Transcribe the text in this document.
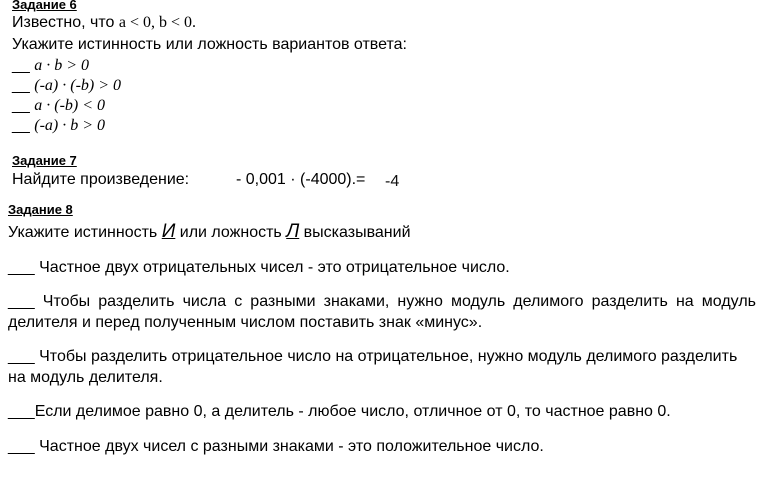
Задание 6
Известно, что a < 0, b < 0.
Укажите истинность или ложность вариантов ответа:
__ a · b > 0
__ (-a) · (-b) > 0
__ a · (-b) < 0
__ (-a) · b > 0
Задание 7
Найдите произведение:	- 0,001 · (-4000).= -4
Задание 8
Укажите истинность И или ложность Л высказываний
___ Частное двух отрицательных чисел - это отрицательное число.
___ Чтобы разделить числа с разными знаками, нужно модуль делимого разделить на модуль делителя и перед полученным числом поставить знак «минус».
___ Чтобы разделить отрицательное число на отрицательное, нужно модуль делимого разделить на модуль делителя.
___Если делимое равно 0, а делитель - любое число, отличное от 0, то частное равно 0.
___ Частное двух чисел с разными знаками - это положительное число.
